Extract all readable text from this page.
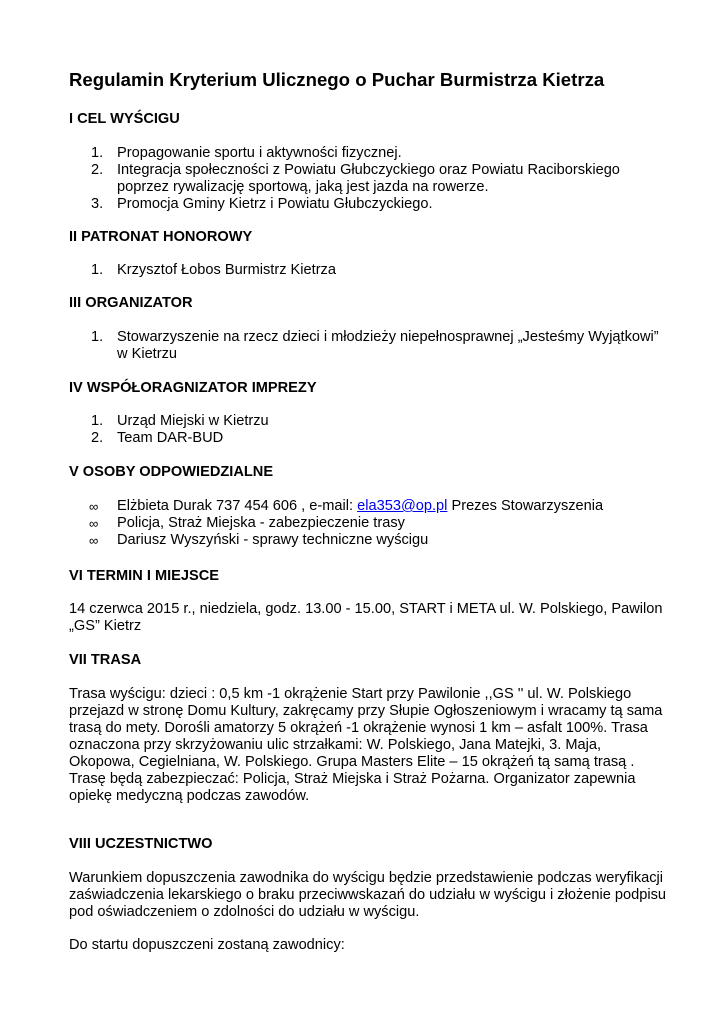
Regulamin Kryterium Ulicznego o Puchar Burmistrza Kietrza
I CEL WYŚCIGU
1. Propagowanie sportu i aktywności fizycznej.
2. Integracja społeczności z Powiatu Głubczyckiego oraz Powiatu Raciborskiego poprzez rywalizację sportową, jaką jest jazda na rowerze.
3. Promocja Gminy Kietrz i Powiatu Głubczyckiego.
II PATRONAT HONOROWY
1. Krzysztof Łobos Burmistrz Kietrza
III ORGANIZATOR
1. Stowarzyszenie na rzecz dzieci i młodzieży niepełnosprawnej „Jesteśmy Wyjątkowi” w Kietrzu
IV WSPÓŁORAGNIZATOR IMPREZY
1. Urząd Miejski w Kietrzu
2. Team DAR-BUD
V OSOBY ODPOWIEDZIALNE
∞ Elżbieta Durak 737 454 606 , e-mail: ela353@op.pl Prezes Stowarzyszenia
∞ Policja, Straż Miejska - zabezpieczenie trasy
∞ Dariusz Wyszyński - sprawy techniczne wyścigu
VI TERMIN I MIEJSCE

14 czerwca 2015 r., niedziela, godz. 13.00 - 15.00, START i META ul. W. Polskiego, Pawilon „GS” Kietrz

VII TRASA

Trasa wyścigu: dzieci : 0,5 km -1 okrążenie Start przy Pawilonie ,,GS '' ul. W. Polskiego przejazd w stronę Domu Kultury, zakręcamy przy Słupie Ogłoszeniowym i wracamy tą sama trasą do mety. Dorośli amatorzy 5 okrążeń -1 okrążenie wynosi 1 km – asfalt 100%. Trasa oznaczona przy skrzyżowaniu ulic strzałkami: W. Polskiego, Jana Matejki, 3. Maja, Okopowa, Cegielniana, W. Polskiego. Grupa Masters Elite – 15 okrążeń tą samą trasą . Trasę będą zabezpieczać: Policja, Straż Miejska i Straż Pożarna. Organizator zapewnia opiekę medyczną podczas zawodów.

VIII UCZESTNICTWO

Warunkiem dopuszczenia zawodnika do wyścigu będzie przedstawienie podczas weryfikacji zaświadczenia lekarskiego o braku przeciwwskazań do udziału w wyścigu i złożenie podpisu pod oświadczeniem o zdolności do udziału w wyścigu.

Do startu dopuszczeni zostaną zawodnicy:
